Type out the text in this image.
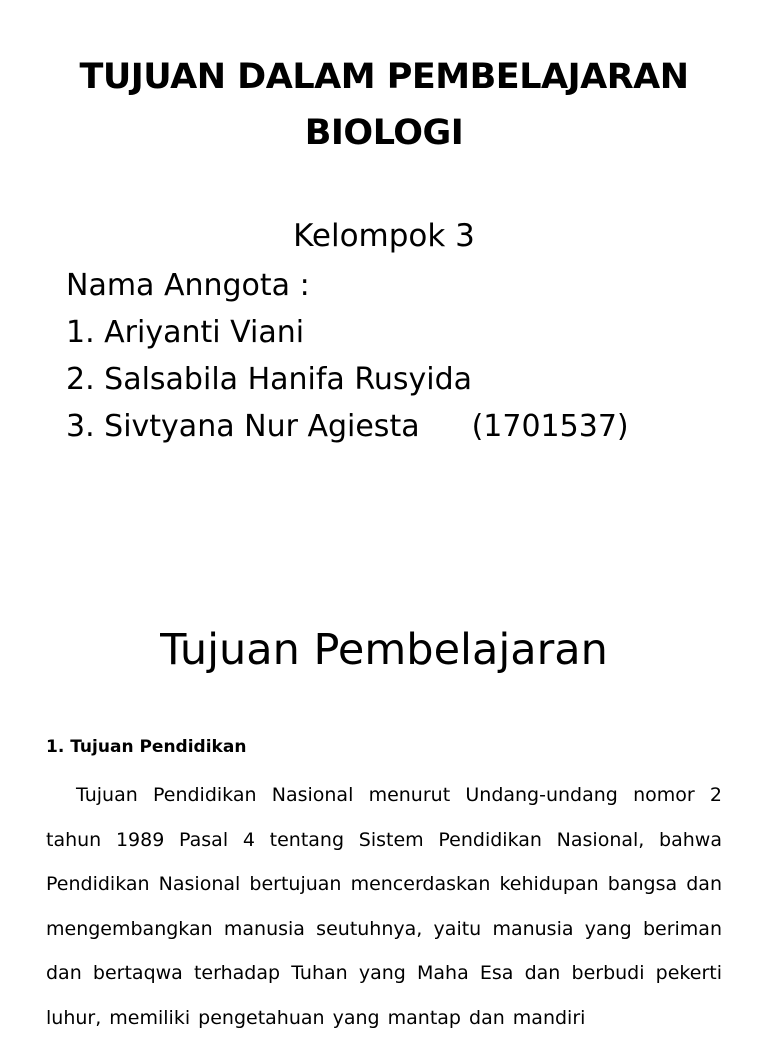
TUJUAN DALAM PEMBELAJARAN
BIOLOGI
Kelompok 3
Nama Anngota :
1. Ariyanti Viani
2. Salsabila Hanifa Rusyida
3. Sivtyana Nur Agiesta (1701537)
Tujuan Pembelajaran
1. Tujuan Pendidikan
Tujuan Pendidikan Nasional menurut Undang-undang nomor 2 tahun 1989 Pasal 4 tentang Sistem Pendidikan Nasional, bahwa Pendidikan Nasional bertujuan mencerdaskan kehidupan bangsa dan mengembangkan manusia seutuhnya, yaitu manusia yang beriman dan bertaqwa terhadap Tuhan yang Maha Esa dan berbudi pekerti luhur, memiliki pengetahuan yang mantap dan mandiri
